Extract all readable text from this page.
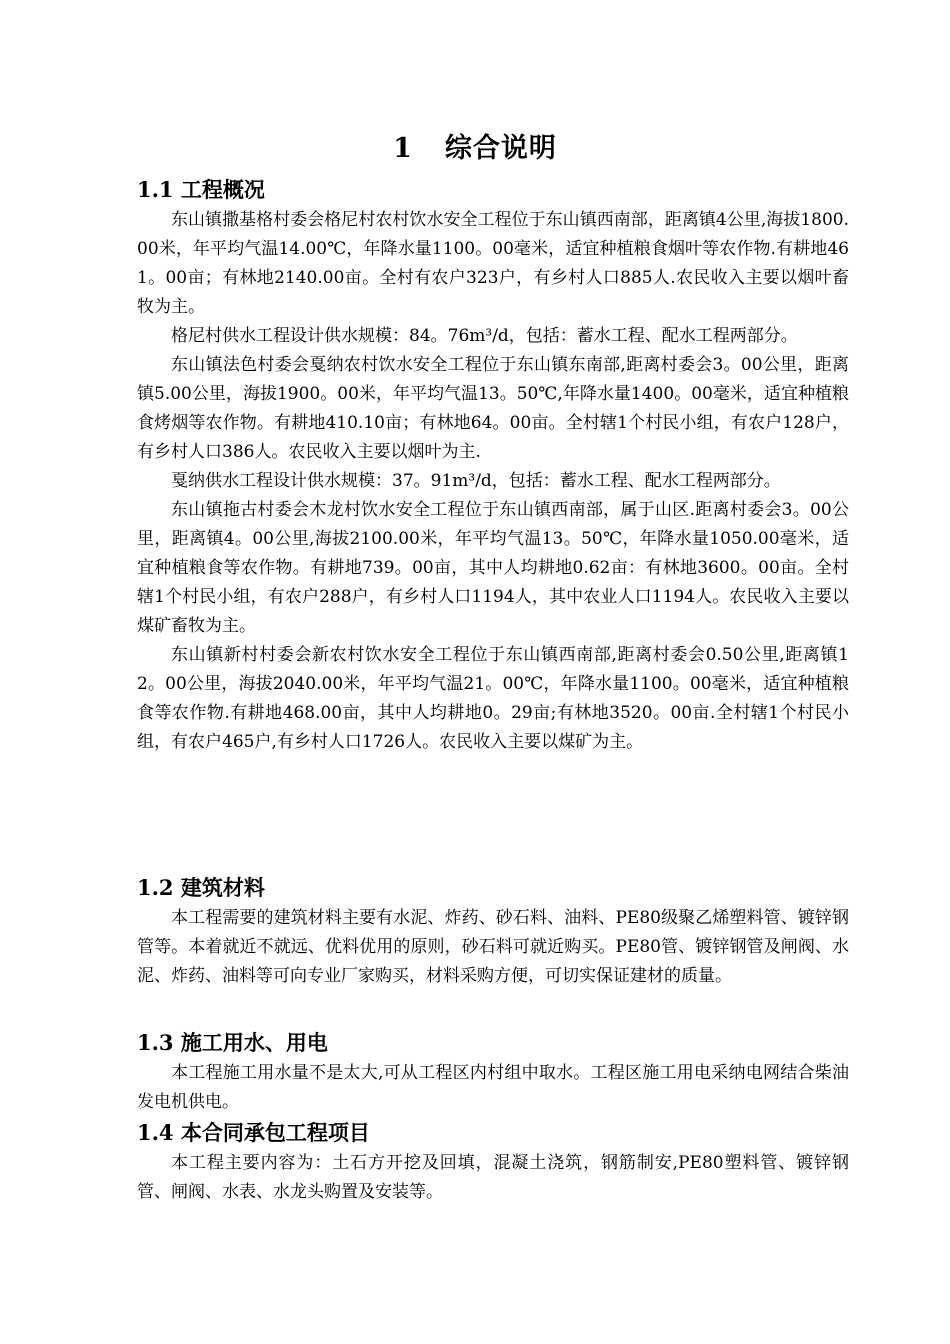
1 综合说明

1.1 工程概况

东山镇撒基格村委会格尼村农村饮水安全工程位于东山镇西南部，距离镇4公里,海拔1800.00米，年平均气温14.00℃，年降水量1100。00毫米，适宜种植粮食烟叶等农作物.有耕地461。00亩；有林地2140.00亩。全村有农户323户，有乡村人口885人.农民收入主要以烟叶畜牧为主。

格尼村供水工程设计供水规模：84。76m³/d，包括：蓄水工程、配水工程两部分。

东山镇法色村委会戛纳农村饮水安全工程位于东山镇东南部,距离村委会3。00公里，距离镇5.00公里，海拔1900。00米，年平均气温13。50℃,年降水量1400。00毫米，适宜种植粮食烤烟等农作物。有耕地410.10亩；有林地64。00亩。全村辖1个村民小组，有农户128户，有乡村人口386人。农民收入主要以烟叶为主.

戛纳供水工程设计供水规模：37。91m³/d，包括：蓄水工程、配水工程两部分。

东山镇拖古村委会木龙村饮水安全工程位于东山镇西南部，属于山区.距离村委会3。00公里，距离镇4。00公里,海拔2100.00米，年平均气温13。50℃，年降水量1050.00毫米，适宜种植粮食等农作物。有耕地739。00亩，其中人均耕地0.62亩：有林地3600。00亩。全村辖1个村民小组，有农户288户，有乡村人口1194人，其中农业人口1194人。农民收入主要以煤矿畜牧为主。

东山镇新村村委会新农村饮水安全工程位于东山镇西南部,距离村委会0.50公里,距离镇12。00公里，海拔2040.00米，年平均气温21。00℃，年降水量1100。00毫米，适宜种植粮食等农作物.有耕地468.00亩，其中人均耕地0。29亩;有林地3520。00亩.全村辖1个村民小组，有农户465户,有乡村人口1726人。农民收入主要以煤矿为主。

1.2 建筑材料

本工程需要的建筑材料主要有水泥、炸药、砂石料、油料、PE80级聚乙烯塑料管、镀锌钢管等。本着就近不就远、优料优用的原则，砂石料可就近购买。PE80管、镀锌钢管及闸阀、水泥、炸药、油料等可向专业厂家购买，材料采购方便，可切实保证建材的质量。

1.3 施工用水、用电

本工程施工用水量不是太大,可从工程区内村组中取水。工程区施工用电采纳电网结合柴油发电机供电。

1.4 本合同承包工程项目

本工程主要内容为：土石方开挖及回填，混凝土浇筑，钢筋制安,PE80塑料管、镀锌钢管、闸阀、水表、水龙头购置及安装等。
